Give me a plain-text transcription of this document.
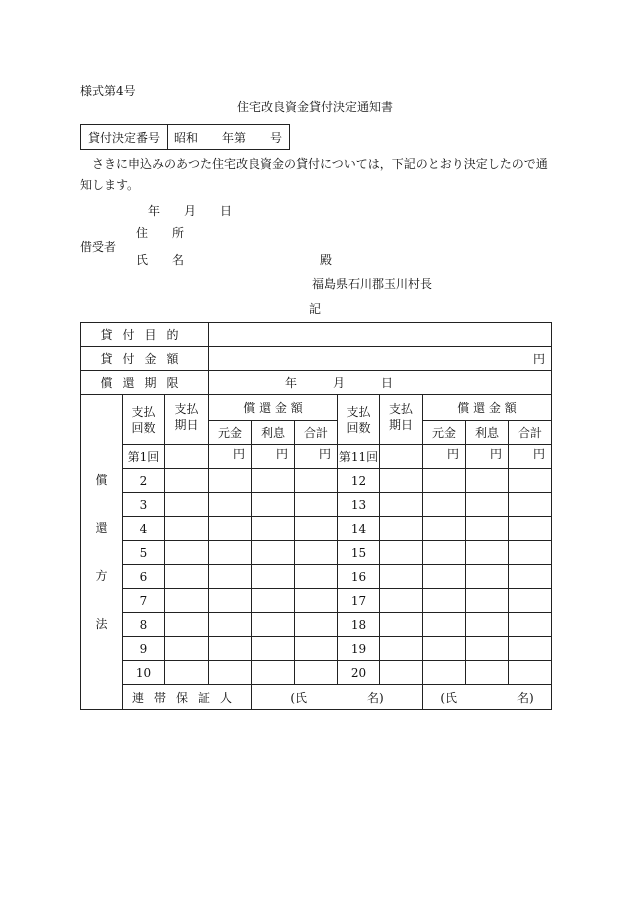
様式第4号
住宅改良資金貸付決定通知書
貸付決定番号	昭和　　年第　　号
さきに申込みのあつた住宅改良資金の貸付については，下記のとおり決定したので通知します。
年　　月　　日
借受者
住　　所
氏　　名	殿
福島県石川郡玉川村長
記
貸付目的										
貸付金額			円							
償還期限			年　　　月　　　日							

償
還
方
法	支払回数	支払期日	償 還 金 額			支払回数	支払期日	償 還 金 額		
			元金	利息	合計			元金	利息	合計
	第1回		円	円	円	第11回		円	円	円
	2					12				
	3					13				
	4					14				
	5					15				
	6					16				
	7					17				
	8					18				
	9					19				
	10					20				
	連帯保証人			(氏　　　　　名)				(氏　　　　　名)		
